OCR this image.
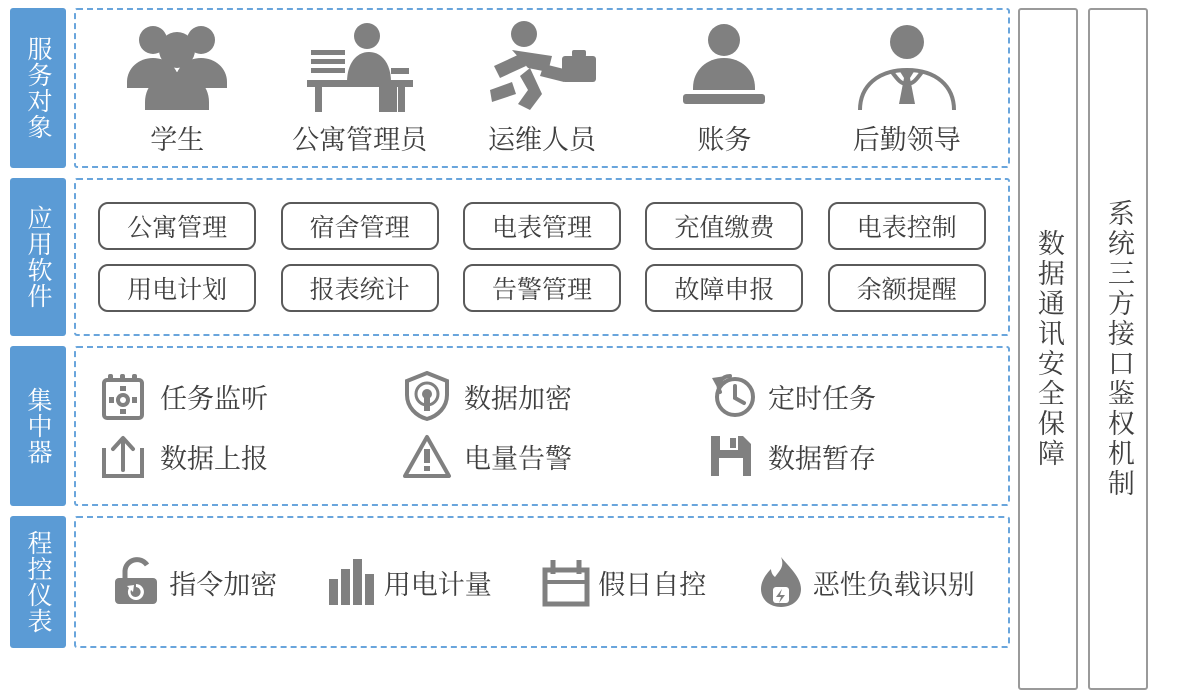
服务对象	学生	公寓管理员 运维人员	账务	后勤领导
应用软件	公寓管理	宿舍管理	电表管理	充值缴费	电表控制
用电计划	报表统计	告警管理	故障申报	余额提醒
集中器	任务监听	数据加密	定时任务
数据上报	电量告警	数据暂存
程控仪表	指令加密	用电计量	假日自控	恶性负载识别
数据通讯安全保障 系统三方接口鉴权机制
